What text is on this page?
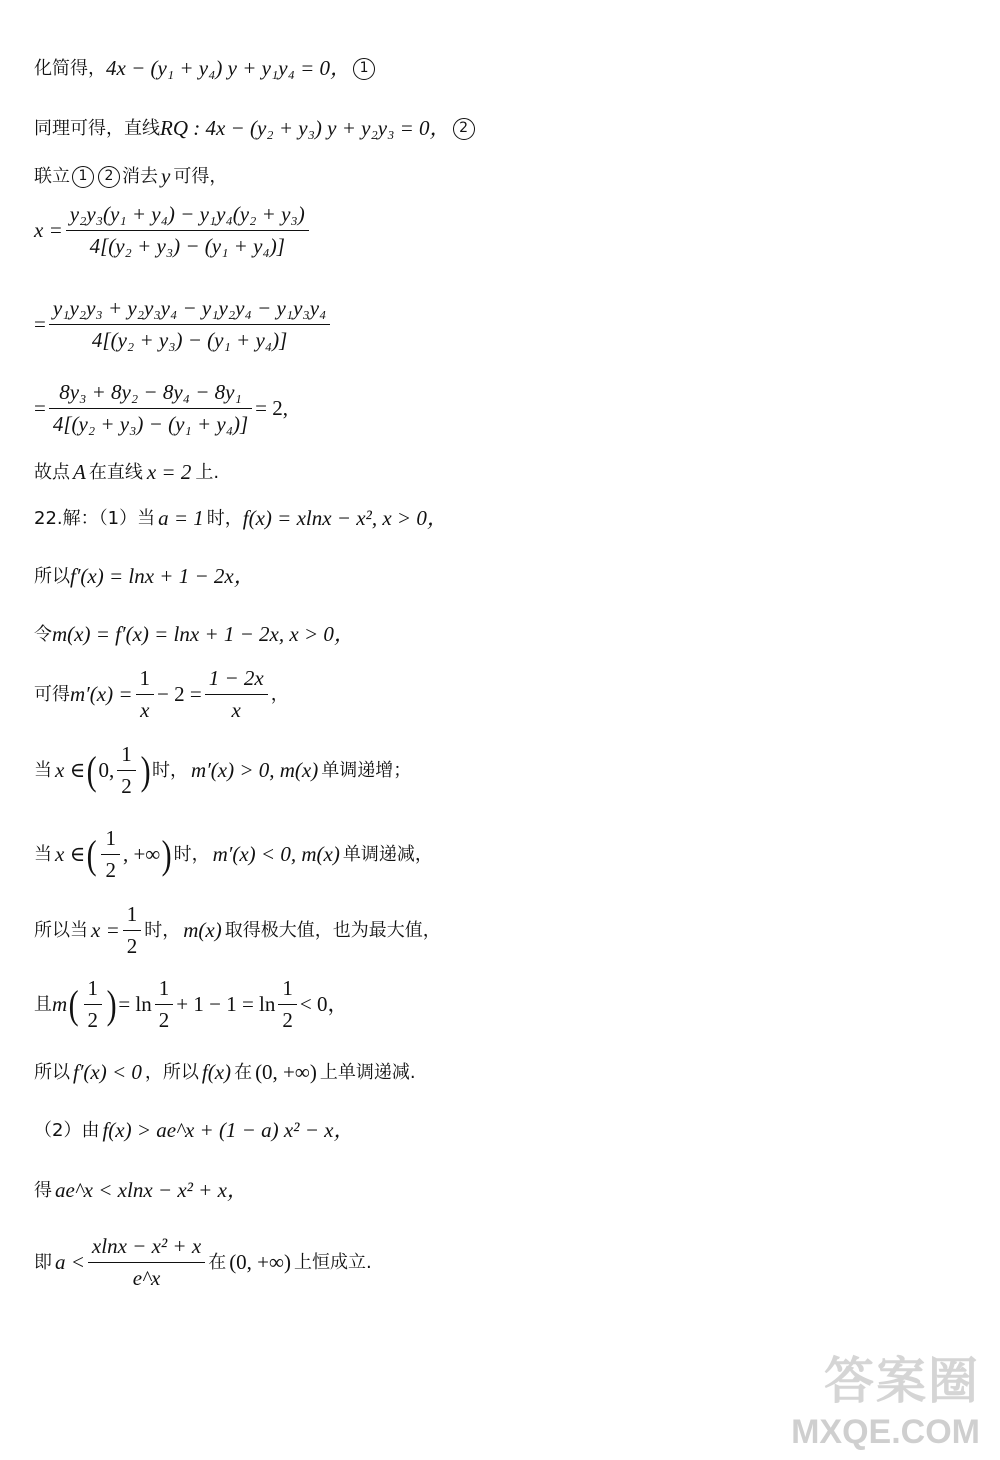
化简得， 4x − (y₁ + y₄) y + y₁y₄ = 0， 1
同理可得，直线 RQ : 4x − (y₂ + y₃) y + y₂y₃ = 0， 2
联立 1	2 消去 y 可得，
$x = \frac{\text{y₂y₃(y₁ + y₄) − y₁y₄(y₂ + y₃)}}{\text{4[(y₂ + y₃) − (y₁ + y₄)]}}$
= $\frac{\text{y₁y₂y₃ + y₂y₃y₄ − y₁y₂y₄ − y₁y₃y₄}}{\text{4[(y₂ + y₃) − (y₁ + y₄)]}}$
= $\frac{\text{8y₃ + 8y₂ − 8y₄ − 8y₁}}{\text{4[(y₂ + y₃) − (y₁ + y₄)]}} = 2$,
故点 A 在直线 x = 2 上.
22.解：（1）当 a = 1 时， f(x) = xlnx − x², x > 0，
所以 f′(x) = lnx + 1 − 2x，
令 m(x) = f′(x) = lnx + 1 − 2x, x > 0，
可得 $m'(x) = \frac{1}{x} - 2 = \frac{1 - 2x}{x}$ ，
当 x ∈ ( 0, $\frac{1}{2}$ ) 时， m′(x) > 0, m(x) 单调递增；
当 x ∈ ( $\frac{1}{2}$ , +∞ ) 时， m′(x) < 0, m(x) 单调递减，
所以当 $x = \frac{1}{2}$ 时， m(x) 取得极大值，也为最大值，
且 m ( $\frac{1}{2}$ ) = $\ln \frac{1}{2} + 1 - 1 = \ln \frac{1}{2} < 0$，
所以 f′(x) < 0 ，所以 f(x) 在 (0, +∞) 上单调递减.
（2）由 f(x) > ae^x + (1 − a) x² − x，
得 ae^x < xlnx − x² + x，
即 $a < \frac{\text{xlnx − x² + x}}{e\^{}x}$ 在 (0, +∞) 上恒成立.
答案圈
MXQE.COM
